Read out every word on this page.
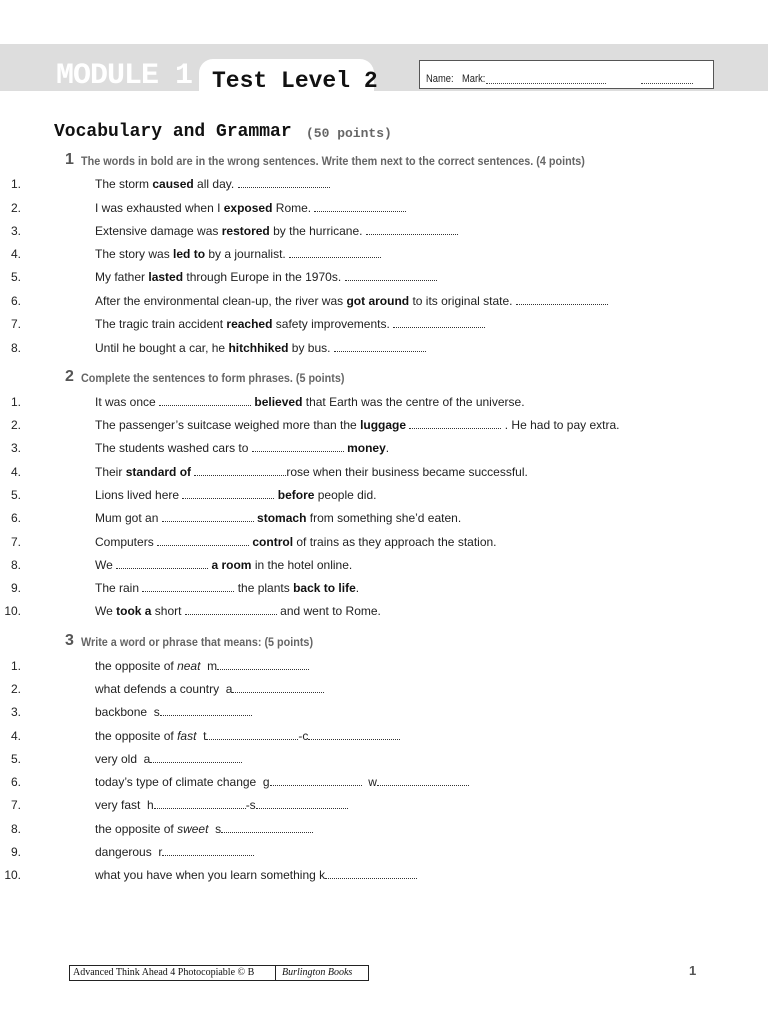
MODULE 1 Test Level 2	Name: Mark:
Vocabulary and Grammar (50 points)
1 The words in bold are in the wrong sentences. Write them next to the correct sentences. (4 points)
1.	The storm caused all day.
2.	I was exhausted when I exposed Rome.
3.	Extensive damage was restored by the hurricane.
4.	The story was led to by a journalist.
5.	My father lasted through Europe in the 1970s.
6.	After the environmental clean-up, the river was got around to its original state.
7.	The tragic train accident reached safety improvements.
8.	Until he bought a car, he hitchhiked by bus.
2 Complete the sentences to form phrases. (5 points)
1.	It was once	believed that Earth was the centre of the universe.
2.	The passenger’s suitcase weighed more than the luggage	. He had to pay extra.
3.	The students washed cars to	money.
4.	Their standard of	rose when their business became successful.
5.	Lions lived here	before people did.
6.	Mum got an	stomach from something she’d eaten.
7.	Computers	control of trains as they approach the station.
8.	We	a room in the hotel online.
9.	The rain	the plants back to life.
10.	We took a short	and went to Rome.
3 Write a word or phrase that means: (5 points)
1.	the opposite of neat  m
2.	what defends a country  a
3.	backbone  s
4.	the opposite of fast  t	-c
5.	very old  a
6.	today’s type of climate change  g	w
7.	very fast  h	-s
8.	the opposite of sweet  s
9.	dangerous  r
10.	what you have when you learn something k
Advanced Think Ahead 4 Photocopiable © B	Burlington Books	1
